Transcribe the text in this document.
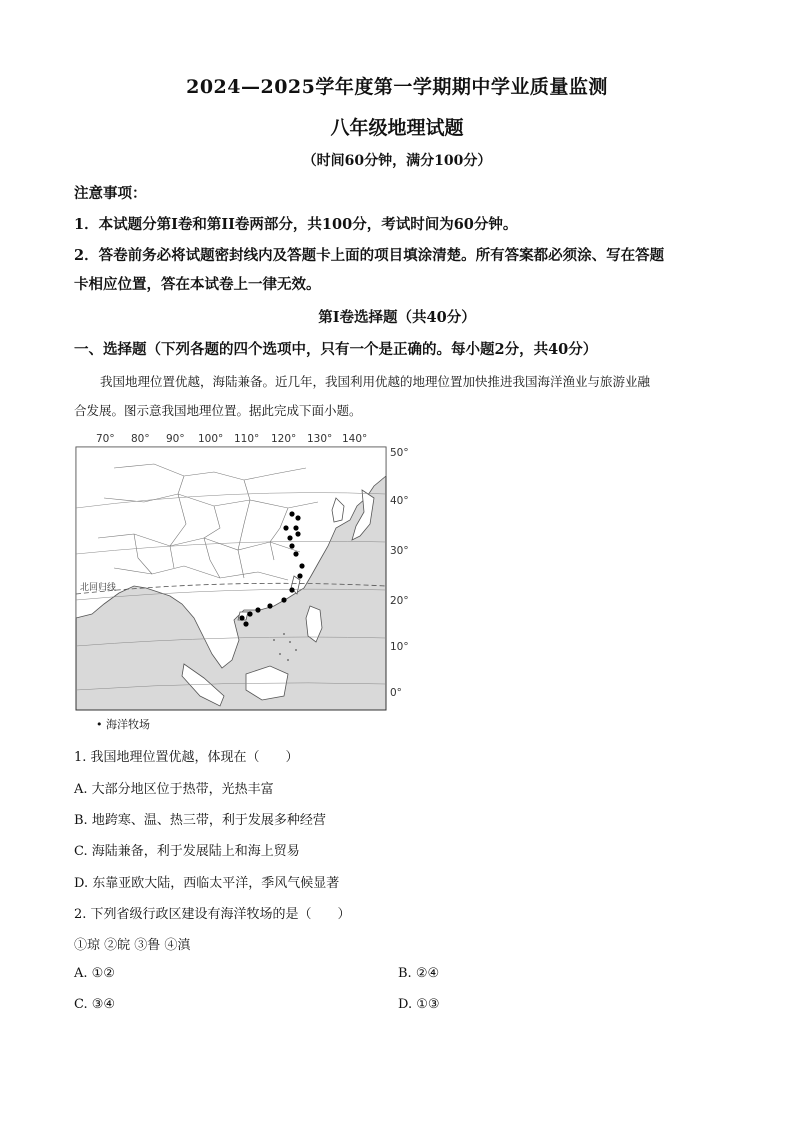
2024—2025学年度第一学期期中学业质量监测
八年级地理试题
（时间60分钟，满分100分）
注意事项：
1．本试题分第Ⅰ卷和第II卷两部分，共100分，考试时间为60分钟。
2．答卷前务必将试题密封线内及答题卡上面的项目填涂清楚。所有答案都必须涂、写在答题
卡相应位置，答在本试卷上一律无效。
第Ⅰ卷选择题（共40分）
一、选择题（下列各题的四个选项中，只有一个是正确的。每小题2分，共40分）
我国地理位置优越，海陆兼备。近几年，我国利用优越的地理位置加快推进我国海洋渔业与旅游业融
合发展。图示意我国地理位置。据此完成下面小题。
70° 80° 90° 100° 110° 120° 130° 140°
北回归线
50°
40°
30°
20°
10°
0°
• 海洋牧场
1. 我国地理位置优越，体现在（　　）
A. 大部分地区位于热带，光热丰富
B. 地跨寒、温、热三带，利于发展多种经营
C. 海陆兼备，利于发展陆上和海上贸易
D. 东靠亚欧大陆，西临太平洋，季风气候显著
2. 下列省级行政区建设有海洋牧场的是（　　）
①琼 ②皖 ③鲁 ④滇
A. ①②	B. ②④
C. ③④	D. ①③
